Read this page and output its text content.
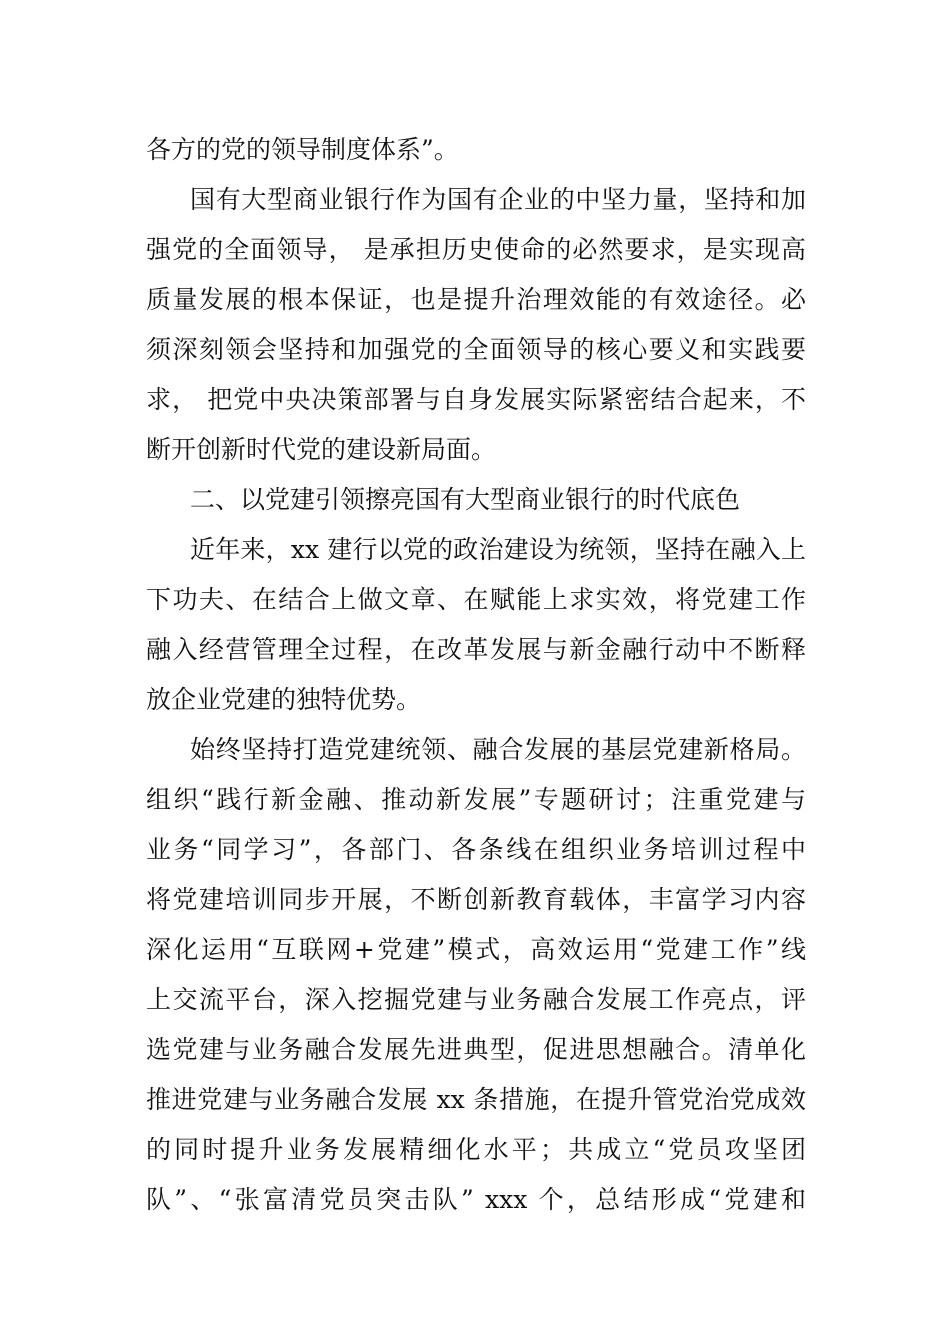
各方的党的领导制度体系”。
国有大型商业银行作为国有企业的中坚力量，坚持和加
强党的全面领导， 是承担历史使命的必然要求，是实现高
质量发展的根本保证，也是提升治理效能的有效途径。必
须深刻领会坚持和加强党的全面领导的核心要义和实践要
求， 把党中央决策部署与自身发展实际紧密结合起来，不
断开创新时代党的建设新局面。
二、以党建引领擦亮国有大型商业银行的时代底色
近年来，xx 建行以党的政治建设为统领，坚持在融入上
下功夫、在结合上做文章、在赋能上求实效，将党建工作
融入经营管理全过程，在改革发展与新金融行动中不断释
放企业党建的独特优势。
始终坚持打造党建统领、融合发展的基层党建新格局。
组织“践行新金融、推动新发展”专题研讨；注重党建与
业务“同学习”，各部门、各条线在组织业务培训过程中
将党建培训同步开展，不断创新教育载体，丰富学习内容
深化运用“互联网+党建”模式，高效运用“党建工作”线
上交流平台，深入挖掘党建与业务融合发展工作亮点，评
选党建与业务融合发展先进典型，促进思想融合。清单化
推进党建与业务融合发展 xx 条措施，在提升管党治党成效
的同时提升业务发展精细化水平；共成立“党员攻坚团
队”、“张富清党员突击队” xxx 个，总结形成“党建和
